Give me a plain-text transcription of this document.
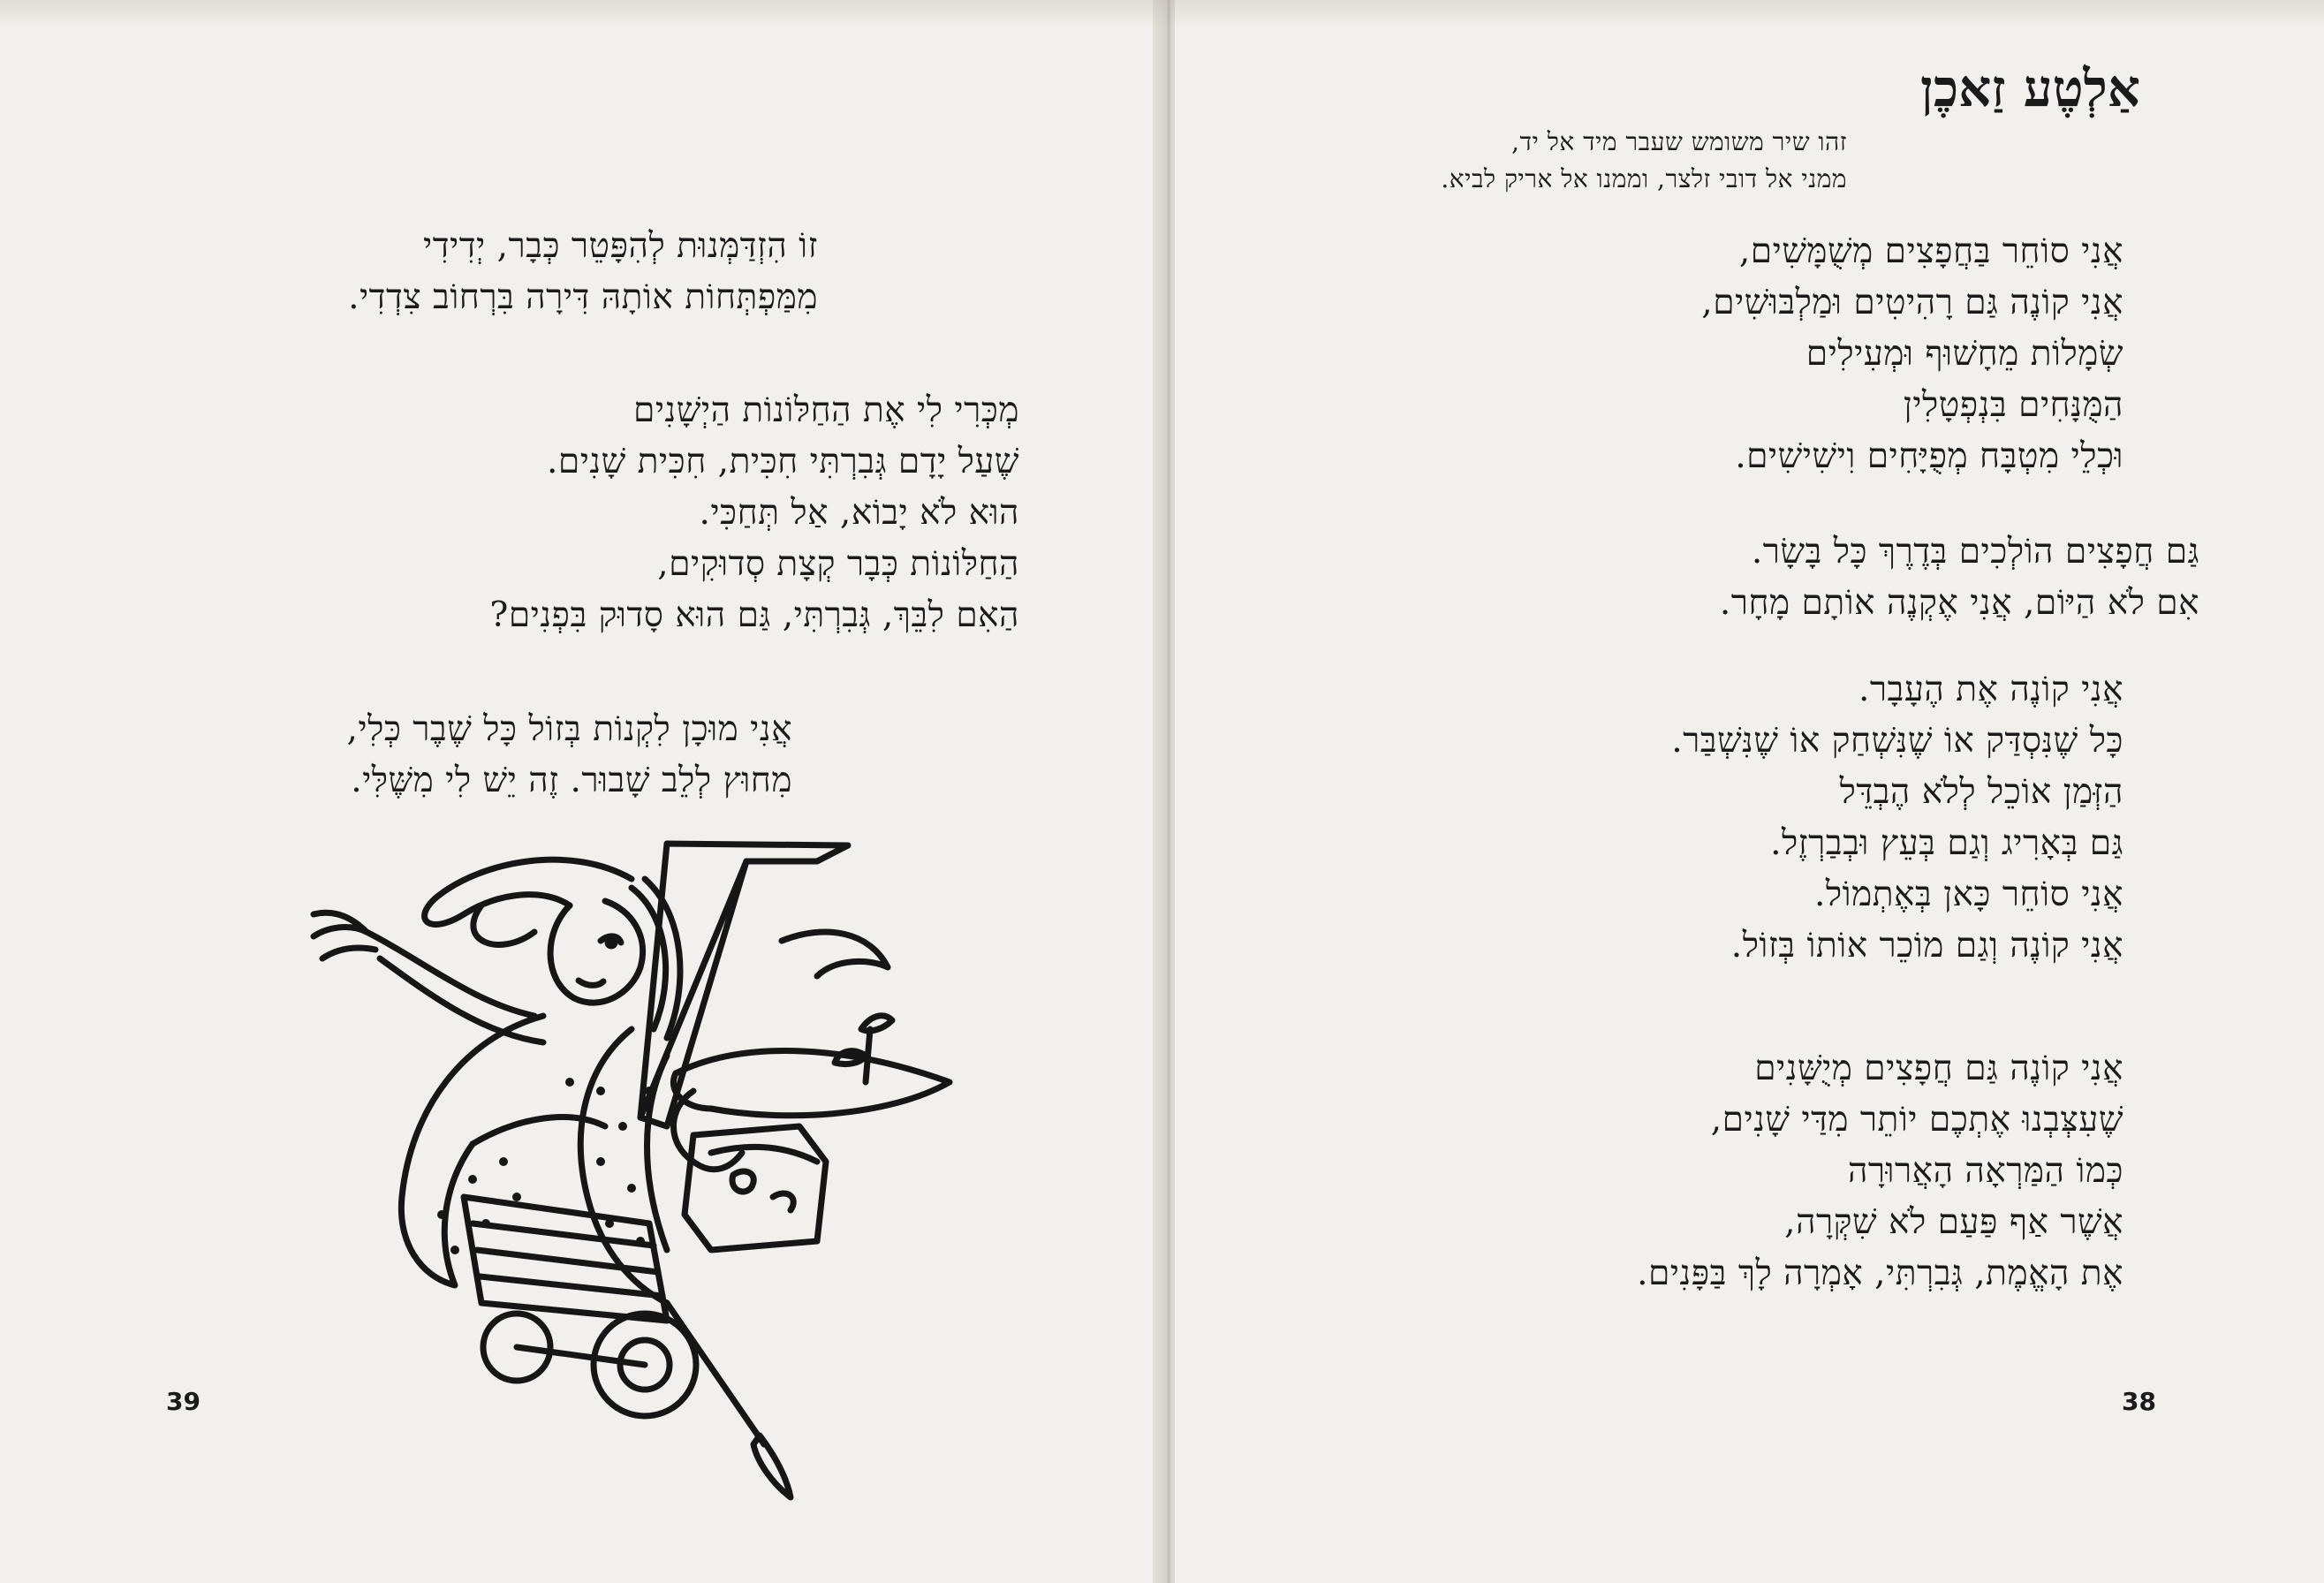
זוֹ הִזְדַּמְּנוּת לְהִפָּטֵר כְּבָר, יְדִידִי
מִמַּפְתְּחוֹת אוֹתָהּ דִּירָה בִּרְחוֹב צִדְדִי.
מְכְּרִי לִי אֶת הַחַלּוֹנוֹת הַיְשָׁנִים
שֶׁעַל יָדָם גְּבִרְתִּי חִכִּית, חִכִּית שָׁנִים.
הוּא לֹא יָבוֹא, אַל תְּחַכִּי.
הַחַלּוֹנוֹת כְּבָר קְצָת סְדוּקִים,
הַאִם לִבֵּךְ, גְּבִרְתִּי, גַּם הוּא סָדוּק בִּפְנִים?
אֲנִי מוּכָן לִקְנוֹת בְּזוֹל כָּל שֶׁבֶר כְּלִי,
מִחוּץ לְלֵב שָׁבוּר. זֶה יֵשׁ לִי מִשֶּׁלִּי.
39
אַלְטֶע זַאכֶן
זהו שיר משומש שעבר מיד אל יד,
ממני אל דובי זלצר, וממנו אל אריק לביא.
אֲנִי סוֹחֵר בַּחֲפָצִים מְשֻׁמָּשִׁים,
אֲנִי קוֹנֶה גַּם רָהִיטִים וּמַלְבּוּשִׁים,
שְׂמָלוֹת מֵחָשׁוּף וּמְעִילִים
הַמֻּנָּחִים בִּנְפְטָלִין
וּכְלֵי מִטְבָּח מְפֻיָּחִים וִישִׁישִׁים.
גַּם חֲפָצִים הוֹלְכִים בְּדֶרֶךְ כָּל בָּשָׂר.
אִם לֹא הַיּוֹם, אֲנִי אֶקְנֶה אוֹתָם מָחָר.
אֲנִי קוֹנֶה אֶת הֶעָבָר.
כָּל שֶׁנִּסְדַּק אוֹ שֶׁנִּשְׁחַק אוֹ שֶׁנִּשְׁבַּר.
הַזְּמַן אוֹכֵל לְלֹא הֶבְדֵּל
גַּם בְּאָרִיג וְגַם בְּעֵץ וּבְבַרְזֶל.
אֲנִי סוֹחֵר כָּאן בְּאֶתְמוֹל.
אֲנִי קוֹנֶה וְגַם מוֹכֵר אוֹתוֹ בְּזוֹל.
אֲנִי קוֹנֶה גַּם חֲפָצִים מְיֻשָּׁנִים
שֶׁעִצְּבְנוּ אֶתְכֶם יוֹתֵר מִדַּי שָׁנִים,
כְּמוֹ הַמַּרְאָה הָאֲרוּרָה
אֲשֶׁר אַף פַּעַם לֹא שִׁקְּרָה,
אֶת הָאֱמֶת, גְּבִרְתִּי, אָמְרָה לָךְ בַּפָּנִים.
38
